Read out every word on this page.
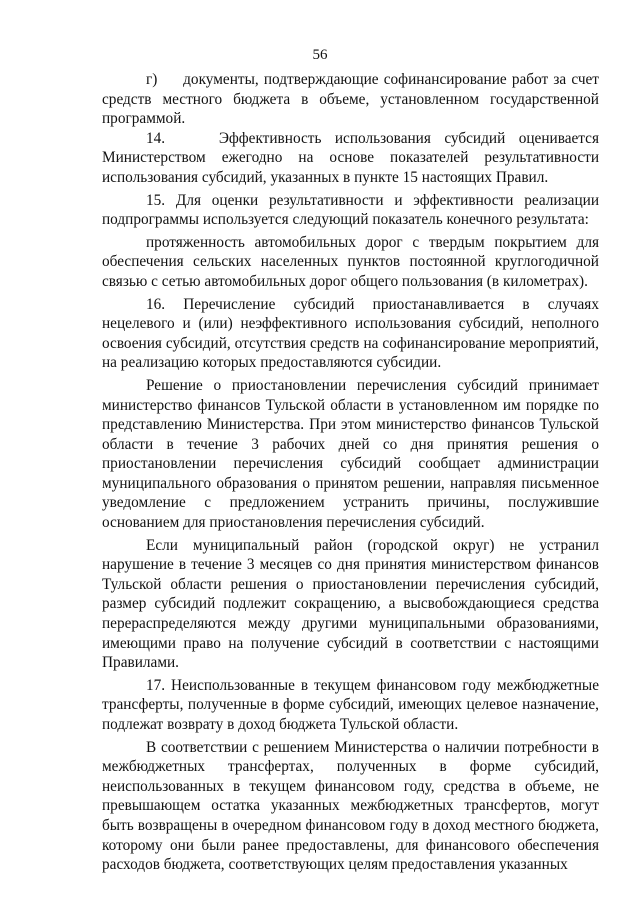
56

г)     документы, подтверждающие софинансирование работ за счет средств местного бюджета в объеме, установленном государственной программой.

14.    Эффективность использования субсидий оценивается Министерством ежегодно на основе показателей результативности использования субсидий, указанных в пункте 15 настоящих Правил.

15. Для оценки результативности и эффективности реализации подпрограммы используется следующий показатель конечного результата:

протяженность автомобильных дорог с твердым покрытием для обеспечения сельских населенных пунктов постоянной круглогодичной связью с сетью автомобильных дорог общего пользования (в километрах).

16. Перечисление субсидий приостанавливается в случаях нецелевого и (или) неэффективного использования субсидий, неполного освоения субсидий, отсутствия средств на софинансирование мероприятий, на реализацию которых предоставляются субсидии.

Решение о приостановлении перечисления субсидий принимает министерство финансов Тульской области в установленном им порядке по представлению Министерства. При этом министерство финансов Тульской области в течение 3 рабочих дней со дня принятия решения о приостановлении перечисления субсидий сообщает администрации муниципального образования о принятом решении, направляя письменное уведомление с предложением устранить причины, послужившие основанием для приостановления перечисления субсидий.

Если муниципальный район (городской округ) не устранил нарушение в течение 3 месяцев со дня принятия министерством финансов Тульской области решения о приостановлении перечисления субсидий, размер субсидий подлежит сокращению, а высвобождающиеся средства перераспределяются между другими муниципальными образованиями, имеющими право на получение субсидий в соответствии с настоящими Правилами.

17. Неиспользованные в текущем финансовом году межбюджетные трансферты, полученные в форме субсидий, имеющих целевое назначение, подлежат возврату в доход бюджета Тульской области.

В соответствии с решением Министерства о наличии потребности в межбюджетных трансфертах, полученных в форме субсидий, неиспользованных в текущем финансовом году, средства в объеме, не превышающем остатка указанных межбюджетных трансфертов, могут быть возвращены в очередном финансовом году в доход местного бюджета, которому они были ранее предоставлены, для финансового обеспечения расходов бюджета, соответствующих целям предоставления указанных
